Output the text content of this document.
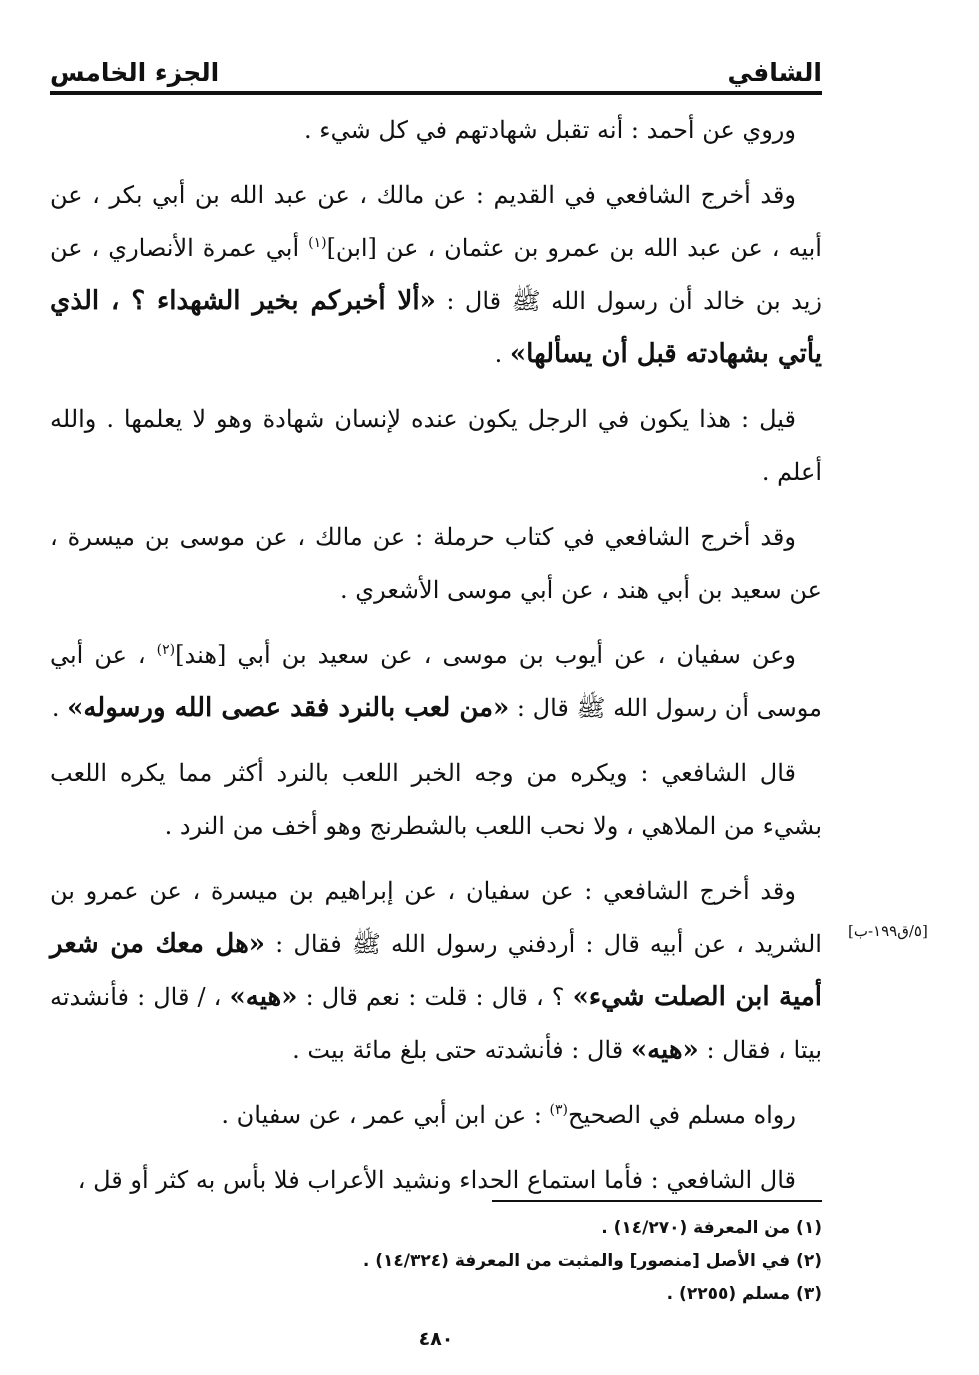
الشافي
الجزء الخامس

وروي عن أحمد : أنه تقبل شهادتهم في كل شيء .

وقد أخرج الشافعي في القديم : عن مالك ، عن عبد الله بن أبي بكر ، عن أبيه ، عن عبد الله بن عمرو بن عثمان ، عن [ابن]$^{(١)}$ أبي عمرة الأنصاري ، عن زيد بن خالد أن رسول الله ﷺ قال : «ألا أخبركم بخير الشهداء ؟ ، الذي يأتي بشهادته قبل أن يسألها» .

قيل : هذا يكون في الرجل يكون عنده لإنسان شهادة وهو لا يعلمها . والله أعلم .

وقد أخرج الشافعي في كتاب حرملة : عن مالك ، عن موسى بن ميسرة ، عن سعيد بن أبي هند ، عن أبي موسى الأشعري .

وعن سفيان ، عن أيوب بن موسى ، عن سعيد بن أبي [هند]$^{(٢)}$ ، عن أبي موسى أن رسول الله ﷺ قال : «من لعب بالنرد فقد عصى الله ورسوله» .

قال الشافعي : ويكره من وجه الخبر اللعب بالنرد أكثر مما يكره اللعب بشيء من الملاهي ، ولا نحب اللعب بالشطرنج وهو أخف من النرد .

وقد أخرج الشافعي : عن سفيان ، عن إبراهيم بن ميسرة ، عن عمرو بن الشريد ، عن أبيه قال : أردفني رسول الله ﷺ فقال : «هل معك من شعر أمية ابن الصلت شيء» ؟ ، قال : قلت : نعم قال : «هيه» ، / قال : فأنشدته بيتا ، فقال : «هيه» قال : فأنشدته حتى بلغ مائة بيت .

رواه مسلم في الصحيح$^{(٣)}$ : عن ابن أبي عمر ، عن سفيان .

قال الشافعي : فأما استماع الحداء ونشيد الأعراب فلا بأس به كثر أو قل ،

(١) من المعرفة (١٤/٢٧٠) .
(٢) في الأصل [منصور] والمثبت من المعرفة (١٤/٣٢٤) .
(٣) مسلم (٢٢٥٥) .
٤٨٠
[٥/ق١٩٩-ب]
